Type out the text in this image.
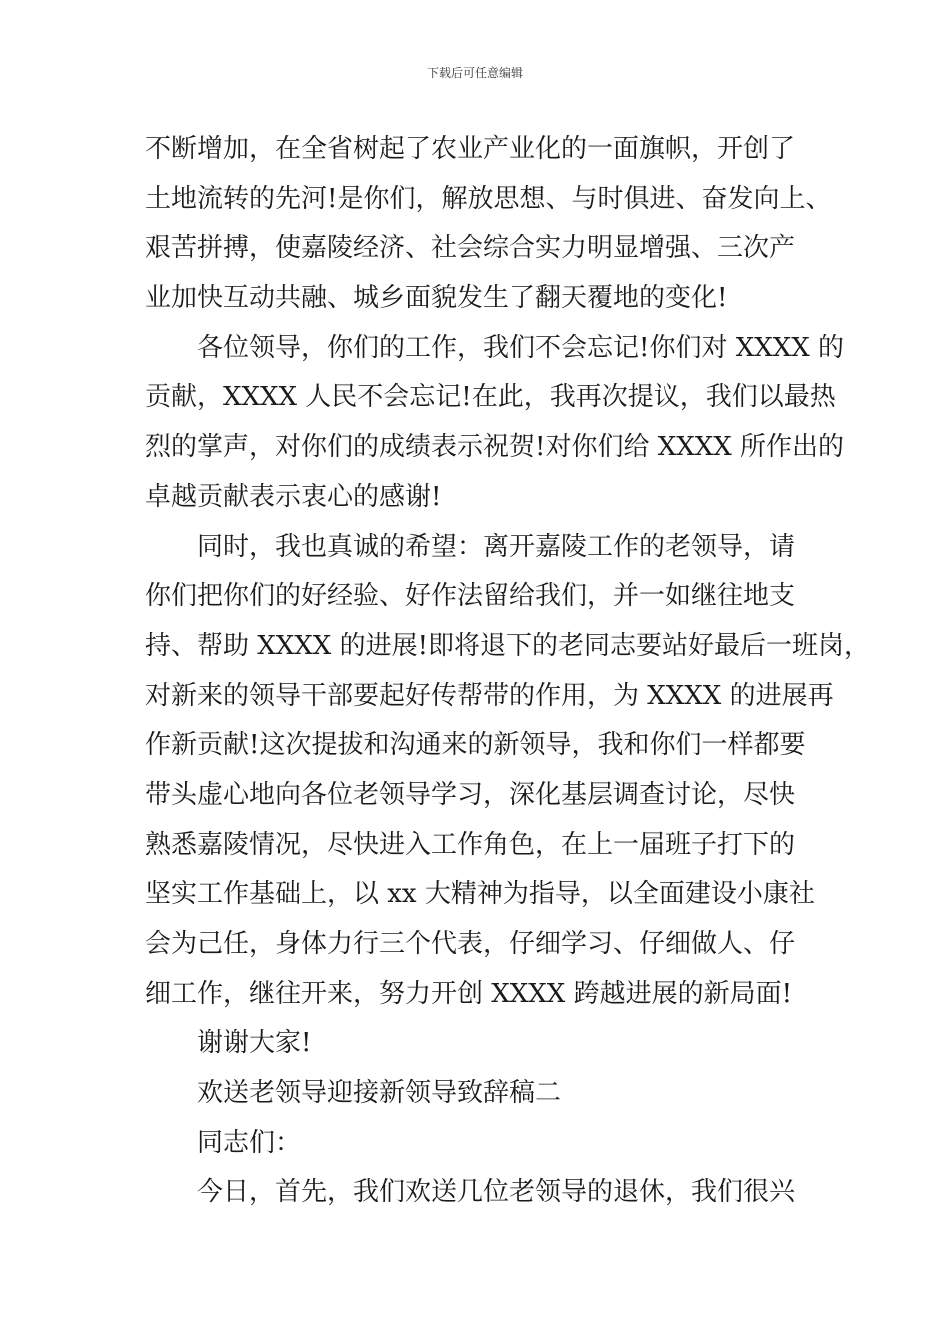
下载后可任意编辑
不断增加，在全省树起了农业产业化的一面旗帜，开创了
土地流转的先河!是你们，解放思想、与时俱进、奋发向上、
艰苦拼搏，使嘉陵经济、社会综合实力明显增强、三次产
业加快互动共融、城乡面貌发生了翻天覆地的变化!
各位领导，你们的工作，我们不会忘记!你们对 XXXX 的
贡献，XXXX 人民不会忘记!在此，我再次提议，我们以最热
烈的掌声，对你们的成绩表示祝贺!对你们给 XXXX 所作出的
卓越贡献表示衷心的感谢!
同时，我也真诚的希望：离开嘉陵工作的老领导，请
你们把你们的好经验、好作法留给我们，并一如继往地支
持、帮助 XXXX 的进展!即将退下的老同志要站好最后一班岗，
对新来的领导干部要起好传帮带的作用，为 XXXX 的进展再
作新贡献!这次提拔和沟通来的新领导，我和你们一样都要
带头虚心地向各位老领导学习，深化基层调查讨论，尽快
熟悉嘉陵情况，尽快进入工作角色，在上一届班子打下的
坚实工作基础上，以 xx 大精神为指导，以全面建设小康社
会为己任，身体力行三个代表，仔细学习、仔细做人、仔
细工作，继往开来，努力开创 XXXX 跨越进展的新局面!
谢谢大家!
欢送老领导迎接新领导致辞稿二
同志们：
今日，首先，我们欢送几位老领导的退休，我们很兴
